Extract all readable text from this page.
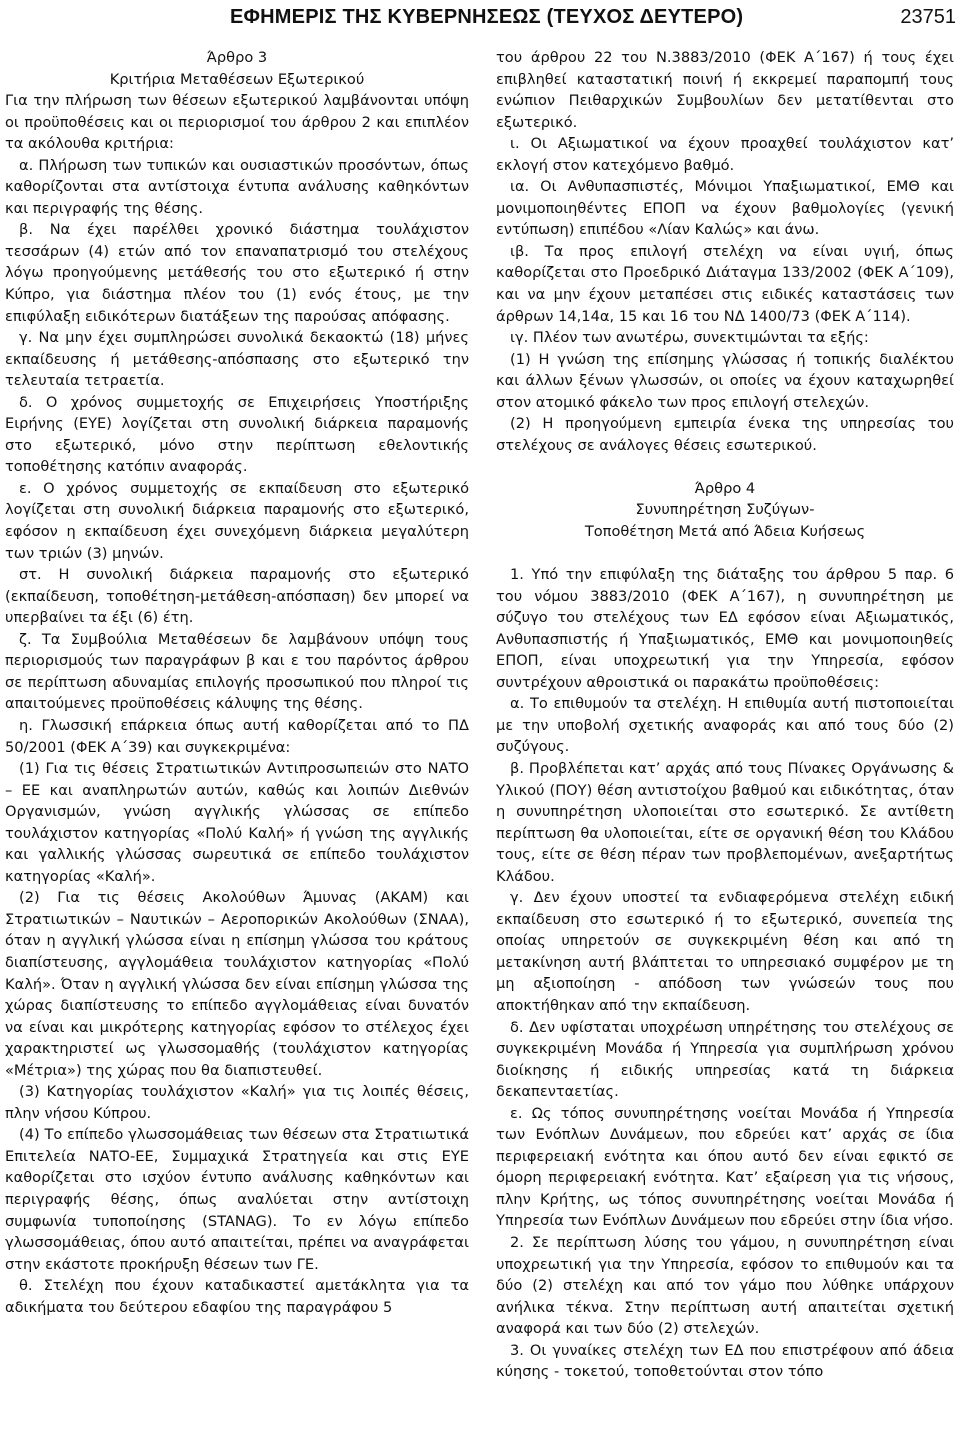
ΕΦΗΜΕΡΙΣ ΤΗΣ ΚΥΒΕΡΝΗΣΕΩΣ (ΤΕΥΧΟΣ ΔΕΥΤΕΡΟ)	23751

Άρθρο 3

Κριτήρια Μεταθέσεων Εξωτερικού

Για την πλήρωση των θέσεων εξωτερικού λαμβάνονται υπόψη οι προϋποθέσεις και οι περιορισμοί του άρθρου 2 και επιπλέον τα ακόλουθα κριτήρια:

α. Πλήρωση των τυπικών και ουσιαστικών προσόντων, όπως καθορίζονται στα αντίστοιχα έντυπα ανάλυσης καθηκόντων και περιγραφής της θέσης.

β. Να έχει παρέλθει χρονικό διάστημα τουλάχιστον τεσσάρων (4) ετών από τον επαναπατρισμό του στελέχους λόγω προηγούμενης μετάθεσής του στο εξωτερικό ή στην Κύπρο, για διάστημα πλέον του (1) ενός έτους, με την επιφύλαξη ειδικότερων διατάξεων της παρούσας απόφασης.

γ. Να μην έχει συμπληρώσει συνολικά δεκαοκτώ (18) μήνες εκπαίδευσης ή μετάθεσης-απόσπασης στο εξωτερικό την τελευταία τετραετία.

δ. Ο χρόνος συμμετοχής σε Επιχειρήσεις Υποστήριξης Ειρήνης (ΕΥΕ) λογίζεται στη συνολική διάρκεια παραμονής στο εξωτερικό, μόνο στην περίπτωση εθελοντικής τοποθέτησης κατόπιν αναφοράς.

ε. Ο χρόνος συμμετοχής σε εκπαίδευση στο εξωτερικό λογίζεται στη συνολική διάρκεια παραμονής στο εξωτερικό, εφόσον η εκπαίδευση έχει συνεχόμενη διάρκεια μεγαλύτερη των τριών (3) μηνών.

στ. Η συνολική διάρκεια παραμονής στο εξωτερικό (εκπαίδευση, τοποθέτηση-μετάθεση-απόσπαση) δεν μπορεί να υπερβαίνει τα έξι (6) έτη.

ζ. Τα Συμβούλια Μεταθέσεων δε λαμβάνουν υπόψη τους περιορισμούς των παραγράφων β και ε του παρόντος άρθρου σε περίπτωση αδυναμίας επιλογής προσωπικού που πληροί τις απαιτούμενες προϋποθέσεις κάλυψης της θέσης.

η. Γλωσσική επάρκεια όπως αυτή καθορίζεται από το ΠΔ 50/2001 (ΦΕΚ Α΄39) και συγκεκριμένα:

(1) Για τις θέσεις Στρατιωτικών Αντιπροσωπειών στο ΝΑΤΟ – ΕΕ και αναπληρωτών αυτών, καθώς και λοιπών Διεθνών Οργανισμών, γνώση αγγλικής γλώσσας σε επίπεδο τουλάχιστον κατηγορίας «Πολύ Καλή» ή γνώση της αγγλικής και γαλλικής γλώσσας σωρευτικά σε επίπεδο τουλάχιστον κατηγορίας «Καλή».

(2) Για τις θέσεις Ακολούθων Άμυνας (ΑΚΑΜ) και Στρατιωτικών – Ναυτικών – Αεροπορικών Ακολούθων (ΣΝΑΑ), όταν η αγγλική γλώσσα είναι η επίσημη γλώσσα του κράτους διαπίστευσης, αγγλομάθεια τουλάχιστον κατηγορίας «Πολύ Καλή». Όταν η αγγλική γλώσσα δεν είναι επίσημη γλώσσα της χώρας διαπίστευσης το επίπεδο αγγλομάθειας είναι δυνατόν να είναι και μικρότερης κατηγορίας εφόσον το στέλεχος έχει χαρακτηριστεί ως γλωσσομαθής (τουλάχιστον κατηγορίας «Μέτρια») της χώρας που θα διαπιστευθεί.

(3) Κατηγορίας τουλάχιστον «Καλή» για τις λοιπές θέσεις, πλην νήσου Κύπρου.

(4) Το επίπεδο γλωσσομάθειας των θέσεων στα Στρατιωτικά Επιτελεία ΝΑΤΟ-ΕΕ, Συμμαχικά Στρατηγεία και στις ΕΥΕ καθορίζεται στο ισχύον έντυπο ανάλυσης καθηκόντων και περιγραφής θέσης, όπως αναλύεται στην αντίστοιχη συμφωνία τυποποίησης (STANAG). Το εν λόγω επίπεδο γλωσσομάθειας, όπου αυτό απαιτείται, πρέπει να αναγράφεται στην εκάστοτε προκήρυξη θέσεων των ΓΕ.

θ. Στελέχη που έχουν καταδικαστεί αμετάκλητα για τα αδικήματα του δεύτερου εδαφίου της παραγράφου 5

του άρθρου 22 του Ν.3883/2010 (ΦΕΚ Α΄167) ή τους έχει επιβληθεί καταστατική ποινή ή εκκρεμεί παραπομπή τους ενώπιον Πειθαρχικών Συμβουλίων δεν μετατίθενται στο εξωτερικό.

ι. Οι Αξιωματικοί να έχουν προαχθεί τουλάχιστον κατ’ εκλογή στον κατεχόμενο βαθμό.

ια. Οι Ανθυπασπιστές, Μόνιμοι Υπαξιωματικοί, ΕΜΘ και μονιμοποιηθέντες ΕΠΟΠ να έχουν βαθμολογίες (γενική εντύπωση) επιπέδου «Λίαν Καλώς» και άνω.

ιβ. Τα προς επιλογή στελέχη να είναι υγιή, όπως καθορίζεται στο Προεδρικό Διάταγμα 133/2002 (ΦΕΚ Α΄109), και να μην έχουν μεταπέσει στις ειδικές καταστάσεις των άρθρων 14,14α, 15 και 16 του ΝΔ 1400/73 (ΦΕΚ Α΄114).

ιγ. Πλέον των ανωτέρω, συνεκτιμώνται τα εξής:

(1) Η γνώση της επίσημης γλώσσας ή τοπικής διαλέκτου και άλλων ξένων γλωσσών, οι οποίες να έχουν καταχωρηθεί στον ατομικό φάκελο των προς επιλογή στελεχών.

(2) Η προηγούμενη εμπειρία ένεκα της υπηρεσίας του στελέχους σε ανάλογες θέσεις εσωτερικού.

Άρθρο 4

Συνυπηρέτηση Συζύγων-

Τοποθέτηση Μετά από Άδεια Κυήσεως

1. Υπό την επιφύλαξη της διάταξης του άρθρου 5 παρ. 6 του νόμου 3883/2010 (ΦΕΚ Α΄167), η συνυπηρέτηση με σύζυγο του στελέχους των ΕΔ εφόσον είναι Αξιωματικός, Ανθυπασπιστής ή Υπαξιωματικός, ΕΜΘ και μονιμοποιηθείς ΕΠΟΠ, είναι υποχρεωτική για την Υπηρεσία, εφόσον συντρέχουν αθροιστικά οι παρακάτω προϋποθέσεις:

α. Το επιθυμούν τα στελέχη. Η επιθυμία αυτή πιστοποιείται με την υποβολή σχετικής αναφοράς και από τους δύο (2) συζύγους.

β. Προβλέπεται κατ’ αρχάς από τους Πίνακες Οργάνωσης & Υλικού (ΠΟΥ) θέση αντιστοίχου βαθμού και ειδικότητας, όταν η συνυπηρέτηση υλοποιείται στο εσωτερικό. Σε αντίθετη περίπτωση θα υλοποιείται, είτε σε οργανική θέση του Κλάδου τους, είτε σε θέση πέραν των προβλεπομένων, ανεξαρτήτως Κλάδου.

γ. Δεν έχουν υποστεί τα ενδιαφερόμενα στελέχη ειδική εκπαίδευση στο εσωτερικό ή το εξωτερικό, συνεπεία της οποίας υπηρετούν σε συγκεκριμένη θέση και από τη μετακίνηση αυτή βλάπτεται το υπηρεσιακό συμφέρον με τη μη αξιοποίηση - απόδοση των γνώσεών τους που αποκτήθηκαν από την εκπαίδευση.

δ. Δεν υφίσταται υποχρέωση υπηρέτησης του στελέχους σε συγκεκριμένη Μονάδα ή Υπηρεσία για συμπλήρωση χρόνου διοίκησης ή ειδικής υπηρεσίας κατά τη διάρκεια δεκαπενταετίας.

ε. Ως τόπος συνυπηρέτησης νοείται Μονάδα ή Υπηρεσία των Ενόπλων Δυνάμεων, που εδρεύει κατ’ αρχάς σε ίδια περιφερειακή ενότητα και όπου αυτό δεν είναι εφικτό σε όμορη περιφερειακή ενότητα. Κατ’ εξαίρεση για τις νήσους, πλην Κρήτης, ως τόπος συνυπηρέτησης νοείται Μονάδα ή Υπηρεσία των Ενόπλων Δυνάμεων που εδρεύει στην ίδια νήσο.

2. Σε περίπτωση λύσης του γάμου, η συνυπηρέτηση είναι υποχρεωτική για την Υπηρεσία, εφόσον το επιθυμούν και τα δύο (2) στελέχη και από τον γάμο που λύθηκε υπάρχουν ανήλικα τέκνα. Στην περίπτωση αυτή απαιτείται σχετική αναφορά και των δύο (2) στελεχών.

3. Οι γυναίκες στελέχη των ΕΔ που επιστρέφουν από άδεια κύησης - τοκετού, τοποθετούνται στον τόπο
